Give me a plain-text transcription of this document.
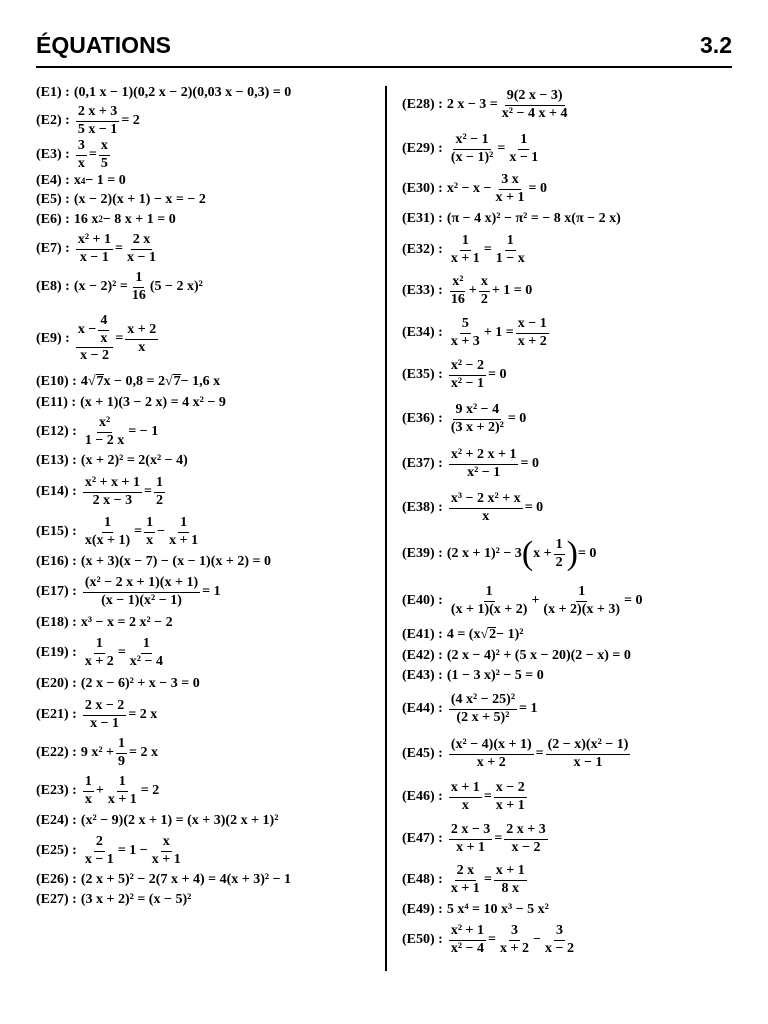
ÉQUATIONS	3.2
(E1) : (0,1 x − 1)(0,2 x − 2)(0,03 x − 0,3) = 0
(E2) : $\frac{2 x + 3}{5 x - 1} = 2$
(E3) : $\frac{3}{x} = \frac{x}{5}$
(E4) : x 4 − 1 = 0
(E5) : (x − 2)(x + 1) − x = − 2
(E6) : 16 x 2 − 8 x + 1 = 0
(E7) : $\frac{\text{x² + 1}}{x - 1} = \frac{2 x}{x - 1}$
(E8) : $(x - 2)^2 = \frac{1}{16} (5 - 2$ x)²
(E9) : $\frac{x - \frac{4}{x}}{x - 2} = \frac{x + 2}{x}$
(E10) : 4 √ 7 x − 0,8 = 2 √ 7 − 1,6 x
(E11) : (x + 1)(3 − 2 x) = 4 x² − 9
(E12) : $\frac{\text{x²}}{1 - 2 x}$ = − 1
(E13) : (x + 2)² = 2(x² − 4)
(E14) : $\frac{\text{x² + x + 1}}{2 x - 3} = \frac{1}{2}$
(E15) : $\frac{1}{x(x + 1)} = \frac{1}{x} - \frac{1}{x + 1}$
(E16) : (x + 3)(x − 7) − (x − 1)(x + 2) = 0
(E17) : $\frac{\text{(x² − 2 x + 1)(x + 1)}}{\text{(x − 1)(x² − 1)}} = 1$
(E18) : x³ − x = 2 x² − 2
(E19) : $\frac{1}{x + 2} = \frac{1}{\text{x² − 4}}$
(E20) : (2 x − 6)² + x − 3 = 0
(E21) : $\frac{2 x - 2}{x - 1} = 2$ x
(E22) : 9 $x^2 + \frac{1}{9} = 2$ x
(E23) : $\frac{1}{x} + \frac{1}{x + 1} = 2$
(E24) : (x² − 9)(2 x + 1) = (x + 3)(2 x + 1)²
(E25) : $\frac{2}{x - 1} = 1 - \frac{x}{x + 1}$
(E26) : (2 x + 5)² − 2(7 x + 4) = 4(x + 3)² − 1
(E27) : (3 x + 2)² = (x − 5)²
(E28) : 2 $x - 3 = \frac{9(2 x - 3)}{\text{x² − 4 x + 4}}$
(E29) : $\frac{\text{x² − 1}}{\text{(x − 1)²}} = \frac{1}{x - 1}$
(E30) : $x^2 - x - \frac{3 x}{x + 1} = 0$
(E31) : (π − 4 x)² − π² = − 8 x(π − 2 x)
(E32) : $\frac{1}{x + 1} = \frac{1}{1 - x}$
(E33) : $\frac{\text{x²}}{16} + \frac{x}{2} + 1 = 0$
(E34) : $\frac{5}{x + 3} + 1 = \frac{x - 1}{x + 2}$
(E35) : $\frac{\text{x² − 2}}{\text{x² − 1}} = 0$
(E36) : $\frac{\text{9 x² − 4}}{\text{(3 x + 2)²}} = 0$
(E37) : $\frac{\text{x² + 2 x + 1}}{\text{x² − 1}} = 0$
(E38) : $\frac{\text{x³ − 2 x² + x}}{x} = 0$
(E39) : (2 x + 1)² − 3 ( $x + \frac{1}{2}$ ) = 0
(E40) : $\frac{1}{(x + 1)(x + 2)} + \frac{1}{(x + 2)(x + 3)} = 0$
(E41) : 4 = (x √ 2 − 1)²
(E42) : (2 x − 4)² + (5 x − 20)(2 − x) = 0
(E43) : (1 − 3 x)² − 5 = 0
(E44) : $\frac{\text{(4 x² − 25)²}}{\text{(2 x + 5)²}} = 1$
(E45) : $\frac{\text{(x² − 4)(x + 1)}}{x + 2} = \frac{\text{(2 − x)(x² − 1)}}{x - 1}$
(E46) : $\frac{x + 1}{x} = \frac{x - 2}{x + 1}$
(E47) : $\frac{2 x - 3}{x + 1} = \frac{2 x + 3}{x - 2}$
(E48) : $\frac{2 x}{x + 1} = \frac{x + 1}{8 x}$
(E49) : 5 x⁴ = 10 x³ − 5 x²
(E50) : $\frac{\text{x² + 1}}{\text{x² − 4}} = \frac{3}{x + 2} - \frac{3}{x - 2}$
